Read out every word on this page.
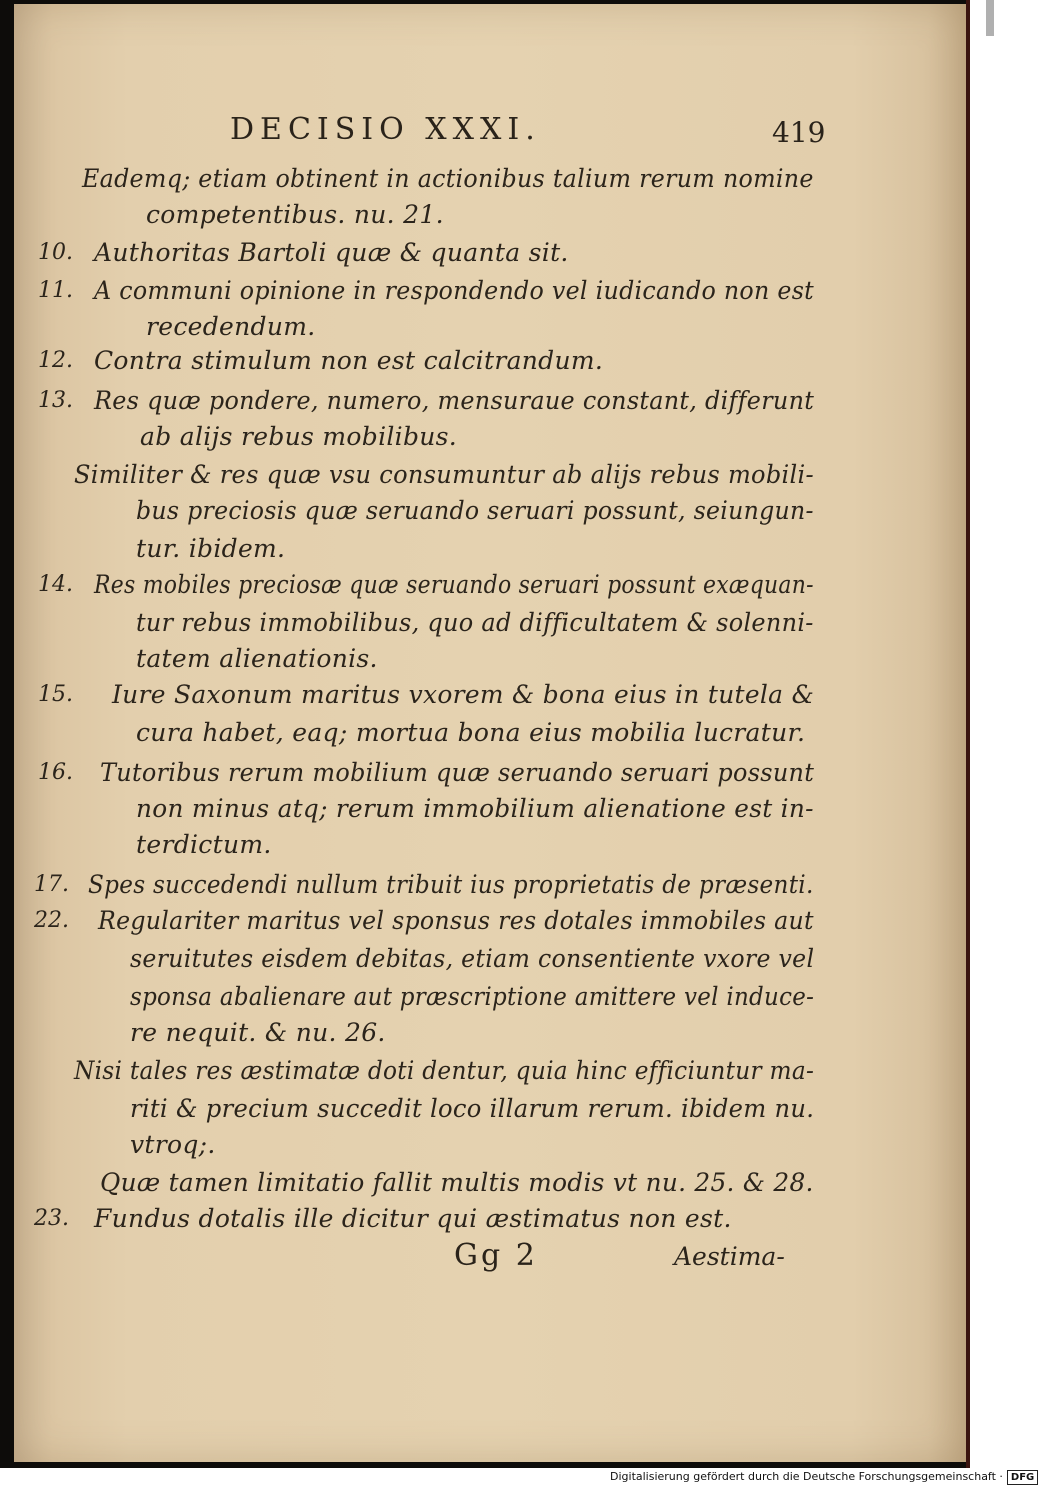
DECISIO XXXI.	419
Eademq; etiam obtinent in actionibus talium rerum nomine
competentibus. nu. 21.
10. Authoritas Bartoli quæ & quanta sit.
11. A communi opinione in respondendo vel iudicando non est
recedendum.
12. Contra stimulum non est calcitrandum.
13. Res quæ pondere, numero, mensuraue constant, differunt
ab alijs rebus mobilibus.
Similiter & res quæ vsu consumuntur ab alijs rebus mobili-
bus preciosis quæ seruando seruari possunt, seiungun-
tur. ibidem.
14. Res mobiles preciosæ quæ seruando seruari possunt exæquan-
tur rebus immobilibus, quo ad difficultatem & solenni-
tatem alienationis.
15. Iure Saxonum maritus vxorem & bona eius in tutela &
cura habet, eaq; mortua bona eius mobilia lucratur.
16. Tutoribus rerum mobilium quæ seruando seruari possunt
non minus atq; rerum immobilium alienatione est in-
terdictum.
17. Spes succedendi nullum tribuit ius proprietatis de præsenti.
22. Regulariter maritus vel sponsus res dotales immobiles aut
seruitutes eisdem debitas, etiam consentiente vxore vel
sponsa abalienare aut præscriptione amittere vel induce-
re nequit. & nu. 26.
Nisi tales res æstimatæ doti dentur, quia hinc efficiuntur ma-
riti & precium succedit loco illarum rerum. ibidem nu.
vtroq;.
Quæ tamen limitatio fallit multis modis vt nu. 25. & 28.
23. Fundus dotalis ille dicitur qui æstimatus non est.
Gg 2	Aestima-
Digitalisierung gefördert durch die Deutsche Forschungsgemeinschaft · DFG
